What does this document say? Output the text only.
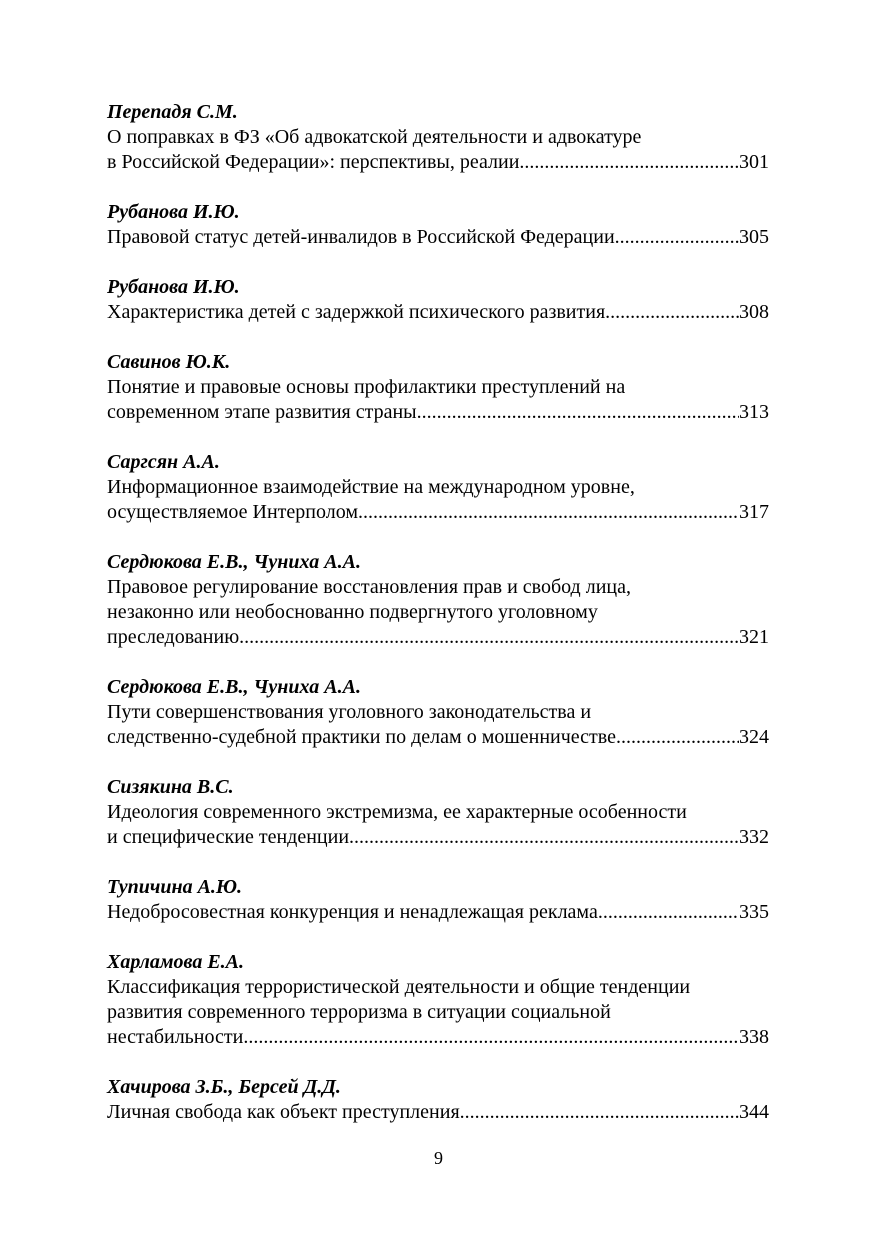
Перепадя С.М.
О поправках в ФЗ «Об адвокатской деятельности и адвокатуре
в Российской Федерации»: перспективы, реалии .....	301
Рубанова И.Ю.
Правовой статус детей-инвалидов в Российской Федерации .....	305
Рубанова И.Ю.
Характеристика детей с задержкой психического развития .....	308
Савинов Ю.К.
Понятие и правовые основы профилактики преступлений на
современном этапе развития страны .....	313
Саргсян А.А.
Информационное взаимодействие на международном уровне,
осуществляемое Интерполом .....	317
Сердюкова Е.В., Чуниха А.А.
Правовое регулирование восстановления прав и свобод лица,
незаконно или необоснованно подвергнутого уголовному
преследованию .....	321
Сердюкова Е.В., Чуниха А.А.
Пути совершенствования уголовного законодательства и
следственно-судебной практики по делам о мошенничестве .....	324
Сизякина В.С.
Идеология современного экстремизма, ее характерные особенности
и специфические тенденции .....	332
Тупичина А.Ю.
Недобросовестная конкуренция и ненадлежащая реклама .....	335
Харламова Е.А.
Классификация террористической деятельности и общие тенденции
развития современного терроризма в ситуации социальной
нестабильности .....	338
Хачирова З.Б., Берсей Д.Д.
Личная свобода как объект преступления .....	344
9
